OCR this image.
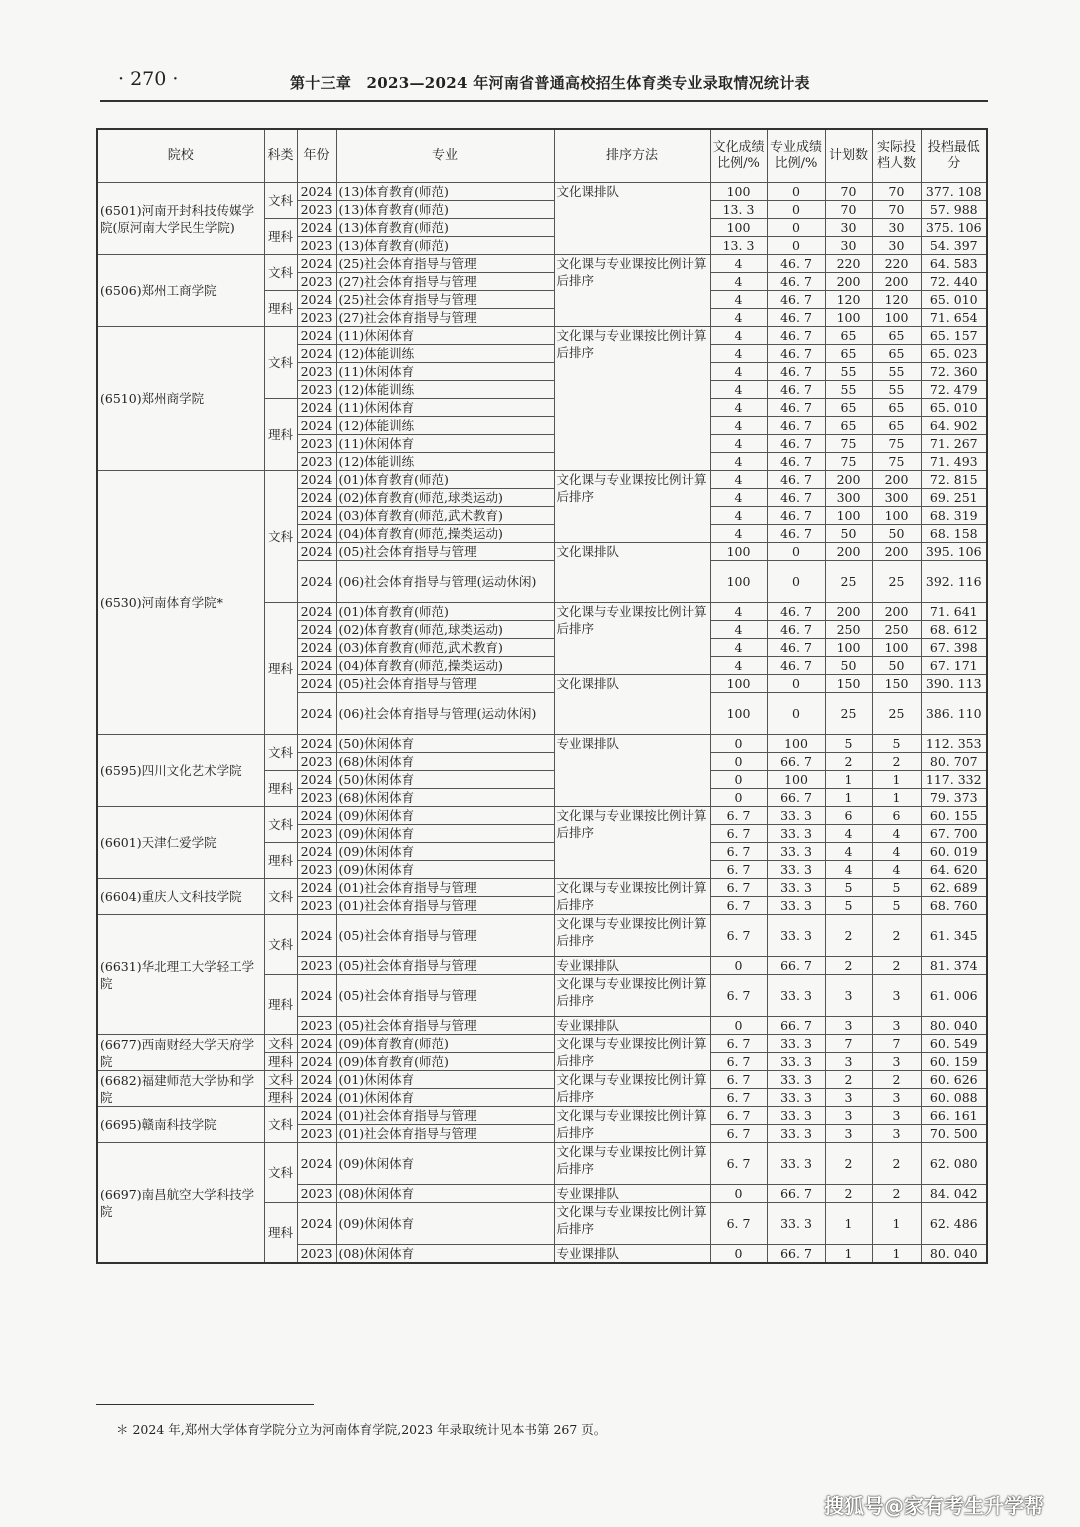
· 270 ·	第十三章　2023—2024 年河南省普通高校招生体育类专业录取情况统计表
院校	科类	年份	专业	排序方法	文化成绩比例/%	专业成绩比例/%	计划数	实际投档人数	投档最低分
(6501)河南开封科技传媒学院(原河南大学民生学院)	文科	2024	(13)体育教育(师范)	文化课排队	100	0	70	70	377. 108
		2023	(13)体育教育(师范)		13. 3	0	70	70	57. 988
	理科	2024	(13)体育教育(师范)		100	0	30	30	375. 106
		2023	(13)体育教育(师范)		13. 3	0	30	30	54. 397
(6506)郑州工商学院	文科	2024	(25)社会体育指导与管理	文化课与专业课按比例计算后排序	4	46. 7	220	220	64. 583
		2023	(27)社会体育指导与管理		4	46. 7	200	200	72. 440
	理科	2024	(25)社会体育指导与管理		4	46. 7	120	120	65. 010
		2023	(27)社会体育指导与管理		4	46. 7	100	100	71. 654
(6510)郑州商学院	文科	2024	(11)休闲体育	文化课与专业课按比例计算后排序	4	46. 7	65	65	65. 157
		2024	(12)体能训练		4	46. 7	65	65	65. 023
		2023	(11)休闲体育		4	46. 7	55	55	72. 360
		2023	(12)体能训练		4	46. 7	55	55	72. 479
	理科	2024	(11)休闲体育		4	46. 7	65	65	65. 010
		2024	(12)体能训练		4	46. 7	65	65	64. 902
		2023	(11)休闲体育		4	46. 7	75	75	71. 267
		2023	(12)体能训练		4	46. 7	75	75	71. 493
(6530)河南体育学院*	文科	2024	(01)体育教育(师范)	文化课与专业课按比例计算后排序	4	46. 7	200	200	72. 815
		2024	(02)体育教育(师范,球类运动)		4	46. 7	300	300	69. 251
		2024	(03)体育教育(师范,武术教育)		4	46. 7	100	100	68. 319
		2024	(04)体育教育(师范,操类运动)		4	46. 7	50	50	68. 158
		2024	(05)社会体育指导与管理	文化课排队	100	0	200	200	395. 106
		2024	(06)社会体育指导与管理(运动休闲)		100	0	25	25	392. 116
	理科	2024	(01)体育教育(师范)	文化课与专业课按比例计算后排序	4	46. 7	200	200	71. 641
		2024	(02)体育教育(师范,球类运动)		4	46. 7	250	250	68. 612
		2024	(03)体育教育(师范,武术教育)		4	46. 7	100	100	67. 398
		2024	(04)体育教育(师范,操类运动)		4	46. 7	50	50	67. 171
		2024	(05)社会体育指导与管理	文化课排队	100	0	150	150	390. 113
		2024	(06)社会体育指导与管理(运动休闲)		100	0	25	25	386. 110
(6595)四川文化艺术学院	文科	2024	(50)休闲体育	专业课排队	0	100	5	5	112. 353
		2023	(68)休闲体育		0	66. 7	2	2	80. 707
	理科	2024	(50)休闲体育		0	100	1	1	117. 332
		2023	(68)休闲体育		0	66. 7	1	1	79. 373
(6601)天津仁爱学院	文科	2024	(09)休闲体育	文化课与专业课按比例计算后排序	6. 7	33. 3	6	6	60. 155
		2023	(09)休闲体育		6. 7	33. 3	4	4	67. 700
	理科	2024	(09)休闲体育		6. 7	33. 3	4	4	60. 019
		2023	(09)休闲体育		6. 7	33. 3	4	4	64. 620
(6604)重庆人文科技学院	文科	2024	(01)社会体育指导与管理	文化课与专业课按比例计算后排序	6. 7	33. 3	5	5	62. 689
		2023	(01)社会体育指导与管理		6. 7	33. 3	5	5	68. 760
(6631)华北理工大学轻工学院	文科	2024	(05)社会体育指导与管理	文化课与专业课按比例计算后排序	6. 7	33. 3	2	2	61. 345
		2023	(05)社会体育指导与管理	专业课排队	0	66. 7	2	2	81. 374
	理科	2024	(05)社会体育指导与管理	文化课与专业课按比例计算后排序	6. 7	33. 3	3	3	61. 006
		2023	(05)社会体育指导与管理	专业课排队	0	66. 7	3	3	80. 040
(6677)西南财经大学天府学院	文科	2024	(09)体育教育(师范)	文化课与专业课按比例计算后排序	6. 7	33. 3	7	7	60. 549
	理科	2024	(09)体育教育(师范)		6. 7	33. 3	3	3	60. 159
(6682)福建师范大学协和学院	文科	2024	(01)休闲体育	文化课与专业课按比例计算后排序	6. 7	33. 3	2	2	60. 626
	理科	2024	(01)休闲体育		6. 7	33. 3	3	3	60. 088
(6695)赣南科技学院	文科	2024	(01)社会体育指导与管理	文化课与专业课按比例计算后排序	6. 7	33. 3	3	3	66. 161
		2023	(01)社会体育指导与管理		6. 7	33. 3	3	3	70. 500
(6697)南昌航空大学科技学院	文科	2024	(09)休闲体育	文化课与专业课按比例计算后排序	6. 7	33. 3	2	2	62. 080
		2023	(08)休闲体育	专业课排队	0	66. 7	2	2	84. 042
	理科	2024	(09)休闲体育	文化课与专业课按比例计算后排序	6. 7	33. 3	1	1	62. 486
		2023	(08)休闲体育	专业课排队	0	66. 7	1	1	80. 040
＊ 2024 年,郑州大学体育学院分立为河南体育学院,2023 年录取统计见本书第 267 页。
搜狐号@家有考生升学帮
